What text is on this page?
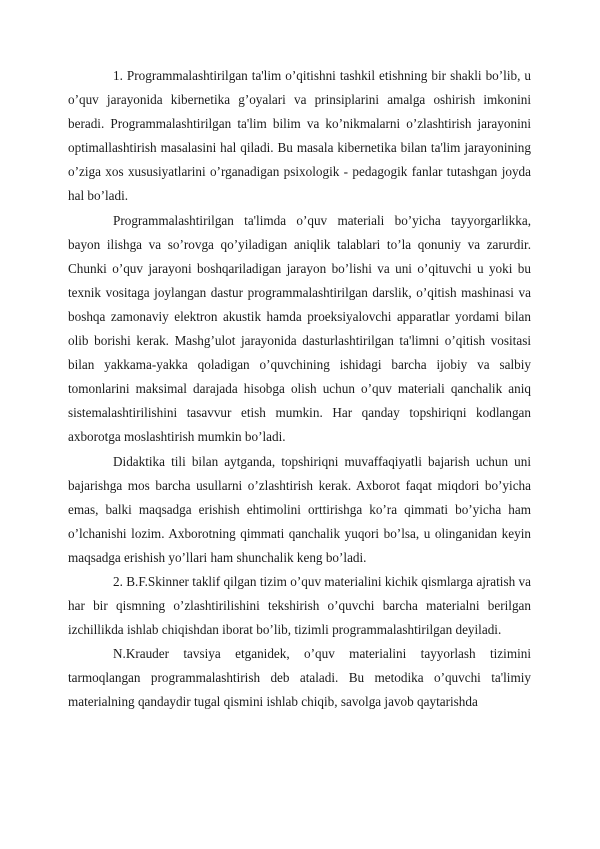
1. Programmalashtirilgan ta'lim o’qitishni tashkil etishning bir shakli bo’lib, u o’quv jarayonida kibernetika g’oyalari va prinsiplarini amalga oshirish imkonini beradi. Programmalashtirilgan ta'lim bilim va ko’nikmalarni o’zlashtirish jarayonini optimallashtirish masalasini hal qiladi. Bu masala kibernetika bilan ta'lim jarayonining o’ziga xos xususiyatlarini o’rganadigan psixologik - pedagogik fanlar tutashgan joyda hal bo’ladi.

Programmalashtirilgan ta'limda o’quv materiali bo’yicha tayyorgarlikka, bayon ilishga va so’rovga qo’yiladigan aniqlik talablari to’la qonuniy va zarurdir. Chunki o’quv jarayoni boshqariladigan jarayon bo’lishi va uni o’qituvchi u yoki bu texnik vositaga joylangan dastur programmalashtirilgan darslik, o’qitish mashinasi va boshqa zamonaviy elektron akustik hamda proeksiyalovchi apparatlar yordami bilan olib borishi kerak. Mashg’ulot jarayonida dasturlashtirilgan ta'limni o’qitish vositasi bilan yakkama-yakka qoladigan o’quvchining ishidagi barcha ijobiy va salbiy tomonlarini maksimal darajada hisobga olish uchun o’quv materiali qanchalik aniq sistemalashtirilishini tasavvur etish mumkin. Har qanday topshiriqni kodlangan axborotga moslashtirish mumkin bo’ladi.

Didaktika tili bilan aytganda, topshiriqni muvaffaqiyatli bajarish uchun uni bajarishga mos barcha usullarni o’zlashtirish kerak. Axborot faqat miqdori bo’yicha emas, balki maqsadga erishish ehtimolini orttirishga ko’ra qimmati bo’yicha ham o’lchanishi lozim. Axborotning qimmati qanchalik yuqori bo’lsa, u olinganidan keyin maqsadga erishish yo’llari ham shunchalik keng bo’ladi.

2. B.F.Skinner taklif qilgan tizim o’quv materialini kichik qismlarga ajratish va har bir qismning o’zlashtirilishini tekshirish o’quvchi barcha materialni berilgan izchillikda ishlab chiqishdan iborat bo’lib, tizimli programmalashtirilgan deyiladi.

N.Krauder tavsiya etganidek, o’quv materialini tayyorlash tizimini tarmoqlangan programmalashtirish deb ataladi. Bu metodika o’quvchi ta'limiy materialning qandaydir tugal qismini ishlab chiqib, savolga javob qaytarishda
